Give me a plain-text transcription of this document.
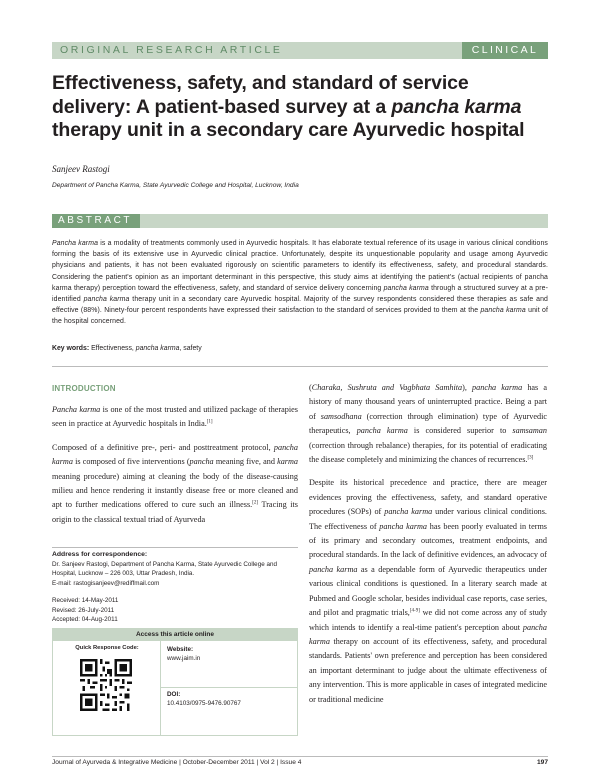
ORIGINAL RESEARCH ARTICLE	CLINICAL
Effectiveness, safety, and standard of service delivery: A patient-based survey at a pancha karma therapy unit in a secondary care Ayurvedic hospital
Sanjeev Rastogi
Department of Pancha Karma, State Ayurvedic College and Hospital, Lucknow, India
ABSTRACT
Pancha karma is a modality of treatments commonly used in Ayurvedic hospitals. It has elaborate textual reference of its usage in various clinical conditions forming the basis of its extensive use in Ayurvedic clinical practice. Unfortunately, despite its unquestionable popularity and usage among Ayurvedic physicians and patients, it has not been evaluated rigorously on scientific parameters to identify its effectiveness, safety, and procedural standards. Considering the patient's opinion as an important determinant in this perspective, this study aims at identifying the patient's (actual recipients of pancha karma therapy) perception toward the effectiveness, safety, and standard of service delivery concerning pancha karma through a structured survey at a pre-identified pancha karma therapy unit in a secondary care Ayurvedic hospital. Majority of the survey respondents considered these therapies as safe and effective (88%). Ninety-four percent respondents have expressed their satisfaction to the standard of services provided to them at the pancha karma unit of the hospital concerned.
Key words: Effectiveness, pancha karma, safety
INTRODUCTION

Pancha karma is one of the most trusted and utilized package of therapies seen in practice at Ayurvedic hospitals in India.[1]

Composed of a definitive pre-, peri- and posttreatment protocol, pancha karma is composed of five interventions (pancha meaning five, and karma meaning procedure) aiming at cleaning the body of the disease-causing milieu and hence rendering it instantly disease free or more cleaned and apt to further medications offered to cure such an illness.[2] Tracing its origin to the classical textual triad of Ayurveda

(Charaka, Sushruta and Vagbhata Samhita), pancha karma has a history of many thousand years of uninterrupted practice. Being a part of samsodhana (correction through elimination) type of Ayurvedic therapeutics, pancha karma is considered superior to samsaman (correction through rebalance) therapies, for its potential of eradicating the disease completely and minimizing the chances of recurrences.[3]

Despite its historical precedence and practice, there are meager evidences proving the effectiveness, safety, and standard operative procedures (SOPs) of pancha karma under various clinical conditions. The effectiveness of pancha karma has been poorly evaluated in terms of its primary and secondary outcomes, treatment endpoints, and procedural standards. In the lack of definitive evidences, an advocacy of pancha karma as a dependable form of Ayurvedic therapeutics under various clinical conditions is questioned. In a literary search made at Pubmed and Google scholar, besides individual case reports, case series, and pilot and pragmatic trials,[4-9] we did not come across any of study which intends to identify a real-time patient's perception about pancha karma therapy on account of its effectiveness, safety, and procedural standards. Patients' own preference and perception has been considered an important determinant to judge about the ultimate effectiveness of any intervention. This is more applicable in cases of integrated medicine or traditional medicine

Address for correspondence:
Dr. Sanjeev Rastogi, Department of Pancha Karma, State Ayurvedic College and Hospital, Lucknow – 226 003, Uttar Pradesh, India.
E-mail: rastogisanjeev@rediffmail.com
Received: 14-May-2011
Revised: 26-July-2011
Accepted: 04-Aug-2011
Access this article online
Quick Response Code:	Website:
www.jaim.in
DOI:
10.4103/0975-9476.90767
Journal of Ayurveda & Integrative Medicine | October-December 2011 | Vol 2 | Issue 4	197
